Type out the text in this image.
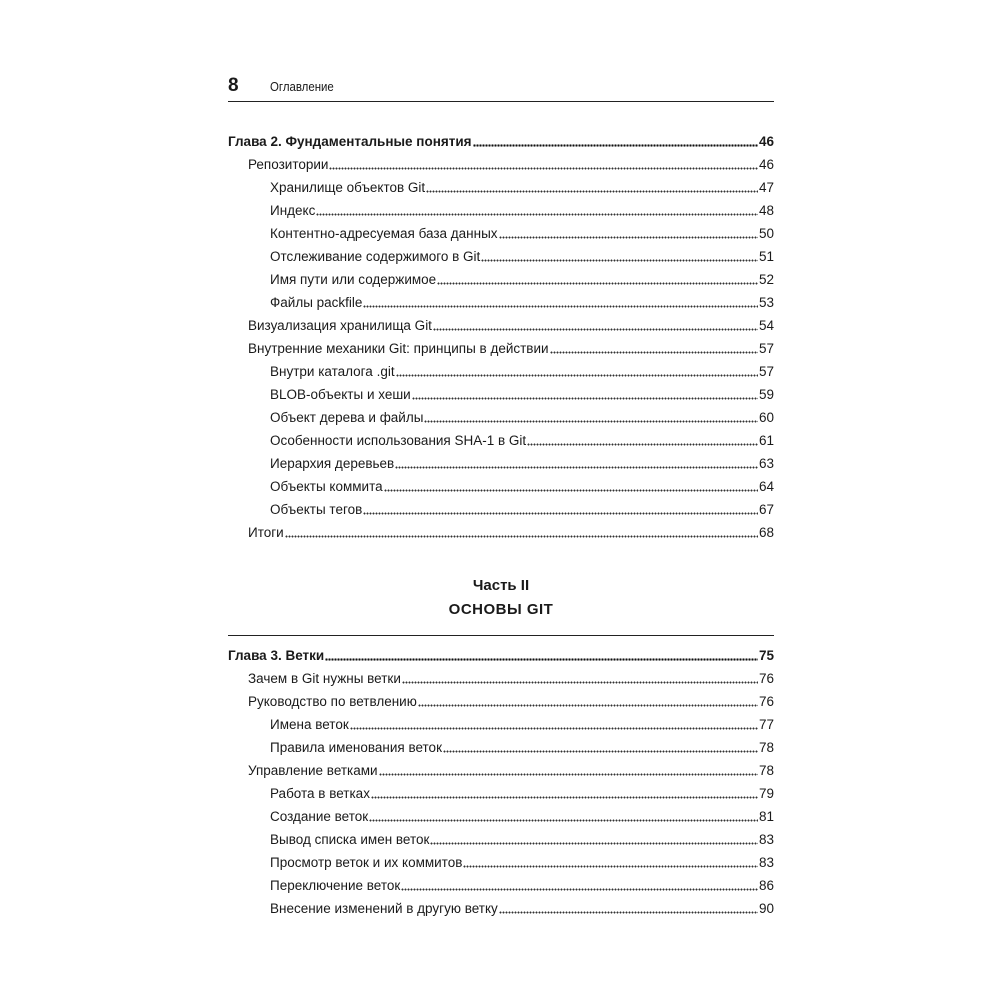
8 Оглавление
Глава 2. Фундаментальные понятия	46
Репозитории	46
Хранилище объектов Git	47
Индекс	48
Контентно-адресуемая база данных	50
Отслеживание содержимого в Git	51
Имя пути или содержимое	52
Файлы packfile	53
Визуализация хранилища Git	54
Внутренние механики Git: принципы в действии	57
Внутри каталога .git	57
BLOB-объекты и хеши	59
Объект дерева и файлы	60
Особенности использования SHA-1 в Git	61
Иерархия деревьев	63
Объекты коммита	64
Объекты тегов	67
Итоги	68
Часть II
ОСНОВЫ GIT
Глава 3. Ветки	75
Зачем в Git нужны ветки	76
Руководство по ветвлению	76
Имена веток	77
Правила именования веток	78
Управление ветками	78
Работа в ветках	79
Создание веток	81
Вывод списка имен веток	83
Просмотр веток и их коммитов	83
Переключение веток	86
Внесение изменений в другую ветку	90
